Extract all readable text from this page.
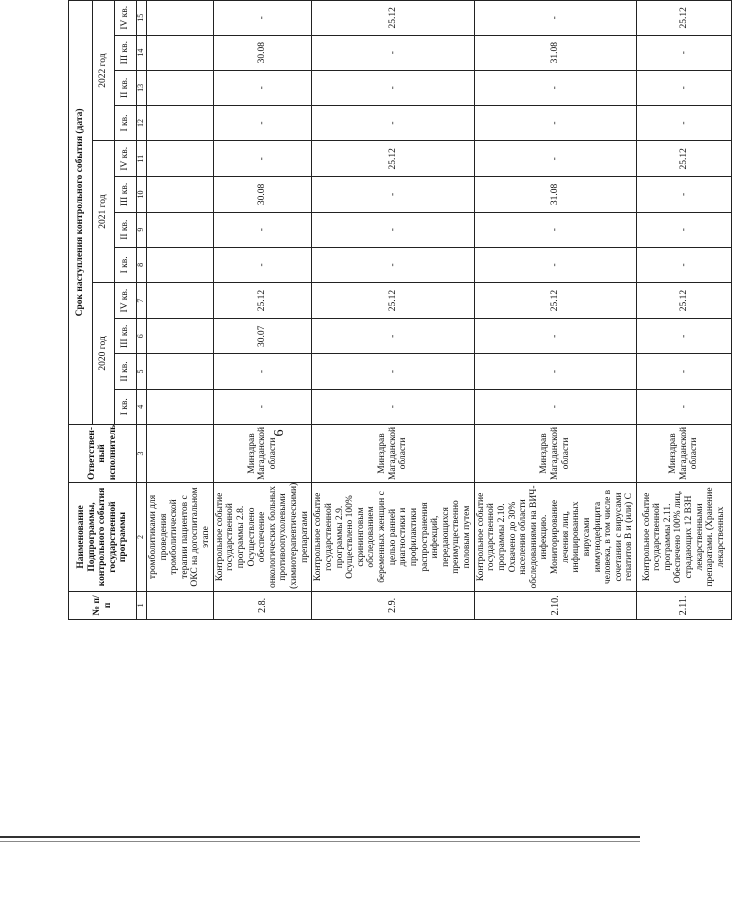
6
№ п/п	Наименование Подпрограммы, контрольного события государственной программы	Ответствен-ный исполнитель	Срок наступления контрольного события (дата)											
			2020 год				2021 год				2022 год			
			I кв.	II кв.	III кв.	IV кв.	I кв.	II кв.	III кв.	IV кв.	I кв.	II кв.	III кв.	IV кв.
1	2	3	4	5	6	7	8	9	10	11	12	13	14	15
	тромболитиками для проведения тромболитической терапии пациентов с ОКС на догоспитальном этапе													
2.8.	Контрольное событие государственной программы 2.8. Осуществлено обеспечение онкологических больных противоопухолевыми (химиотерапевтическими) препаратами	Минздрав Магаданской области	-	-	30.07	25.12	-	-	30.08	-	-	-	30.08	-
2.9.	Контрольное событие государственной программы 2.9. Осуществлено 100% скрининговым обследованием беременных женщин с целью ранней диагностики и профилактики распространения инфекций, передающихся преимущественно половым путем	Минздрав Магаданской области	-	-	-	25.12	-	-	-	25.12	-	-	-	25.12
2.10.	Контрольное событие государственной программы 2.10. Охвачено до 30% населения области обследованиями на ВИЧ-инфекцию. Мониторирование лечения лиц, инфицированных вирусами иммунодефицита человека, в том числе в сочетании с вирусами гепатитов B и (или) C	Минздрав Магаданской области	-	-	-	25.12	-	-	31.08	-	-	-	31.08	-
2.11.	Контрольное событие государственной программы 2.11. Обеспечено 100% лиц, страдающих 12 ВЗН лекарственными препаратами. (Хранение лекарственных	Минздрав Магаданской области	-	-	-	25.12	-	-	-	25.12	-	-	-	25.12
